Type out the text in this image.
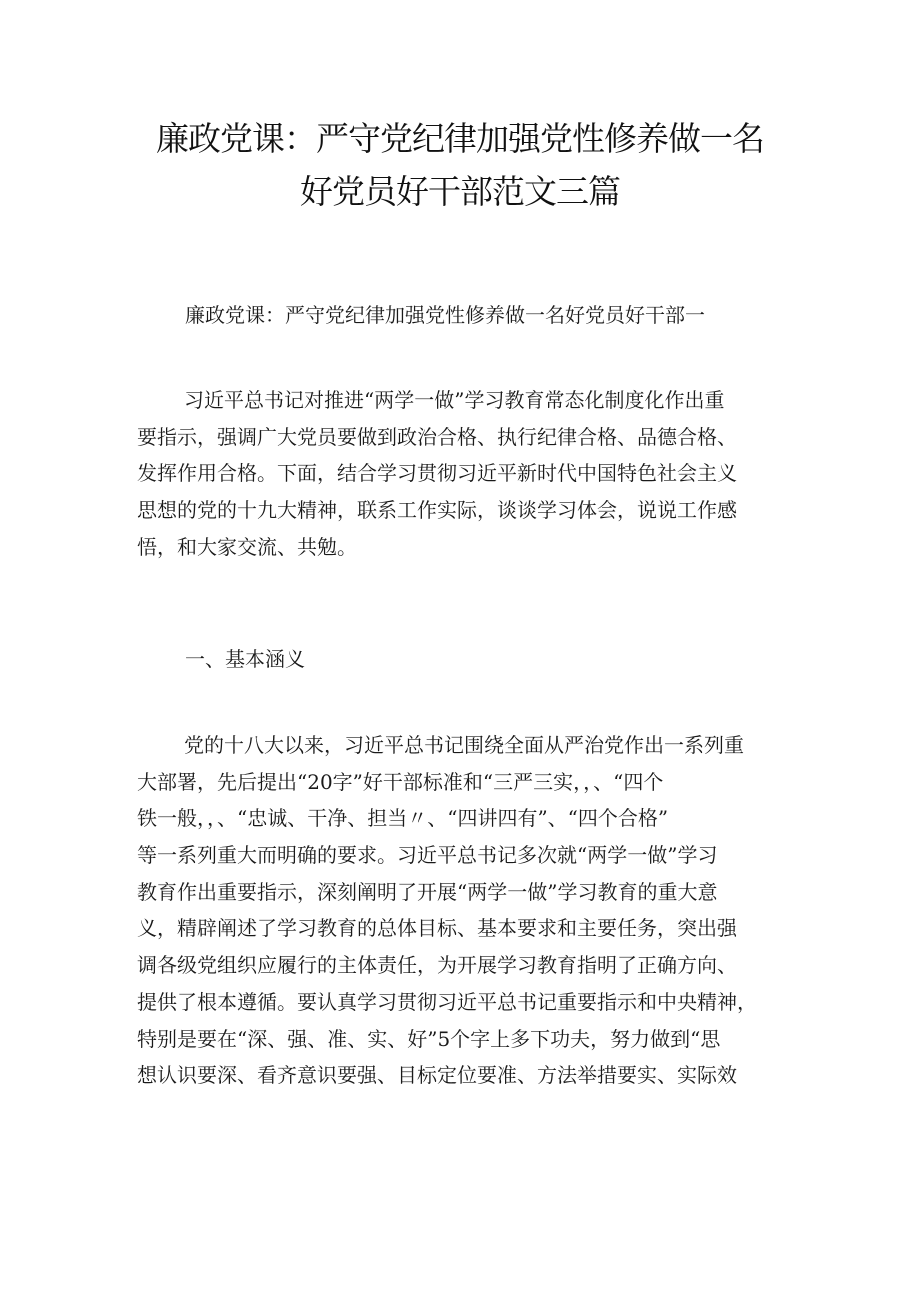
廉政党课：严守党纪律加强党性修养做一名
好党员好干部范文三篇
廉政党课：严守党纪律加强党性修养做一名好党员好干部一
习近平总书记对推进“两学一做”学习教育常态化制度化作出重
要指示，强调广大党员要做到政治合格、执行纪律合格、品德合格、
发挥作用合格。下面，结合学习贯彻习近平新时代中国特色社会主义
思想的党的十九大精神，联系工作实际，谈谈学习体会，说说工作感
悟，和大家交流、共勉。
一、基本涵义
党的十八大以来，习近平总书记围绕全面从严治党作出一系列重
大部署，先后提出“20字”好干部标准和“三严三实，，、“四个
铁一般，，、“忠诚、干净、担当〃、“四讲四有”、“四个合格”
等一系列重大而明确的要求。习近平总书记多次就“两学一做”学习
教育作出重要指示，深刻阐明了开展“两学一做”学习教育的重大意
义，精辟阐述了学习教育的总体目标、基本要求和主要任务，突出强
调各级党组织应履行的主体责任，为开展学习教育指明了正确方向、
提供了根本遵循。要认真学习贯彻习近平总书记重要指示和中央精神，
特别是要在“深、强、准、实、好”5个字上多下功夫，努力做到“思
想认识要深、看齐意识要强、目标定位要准、方法举措要实、实际效
